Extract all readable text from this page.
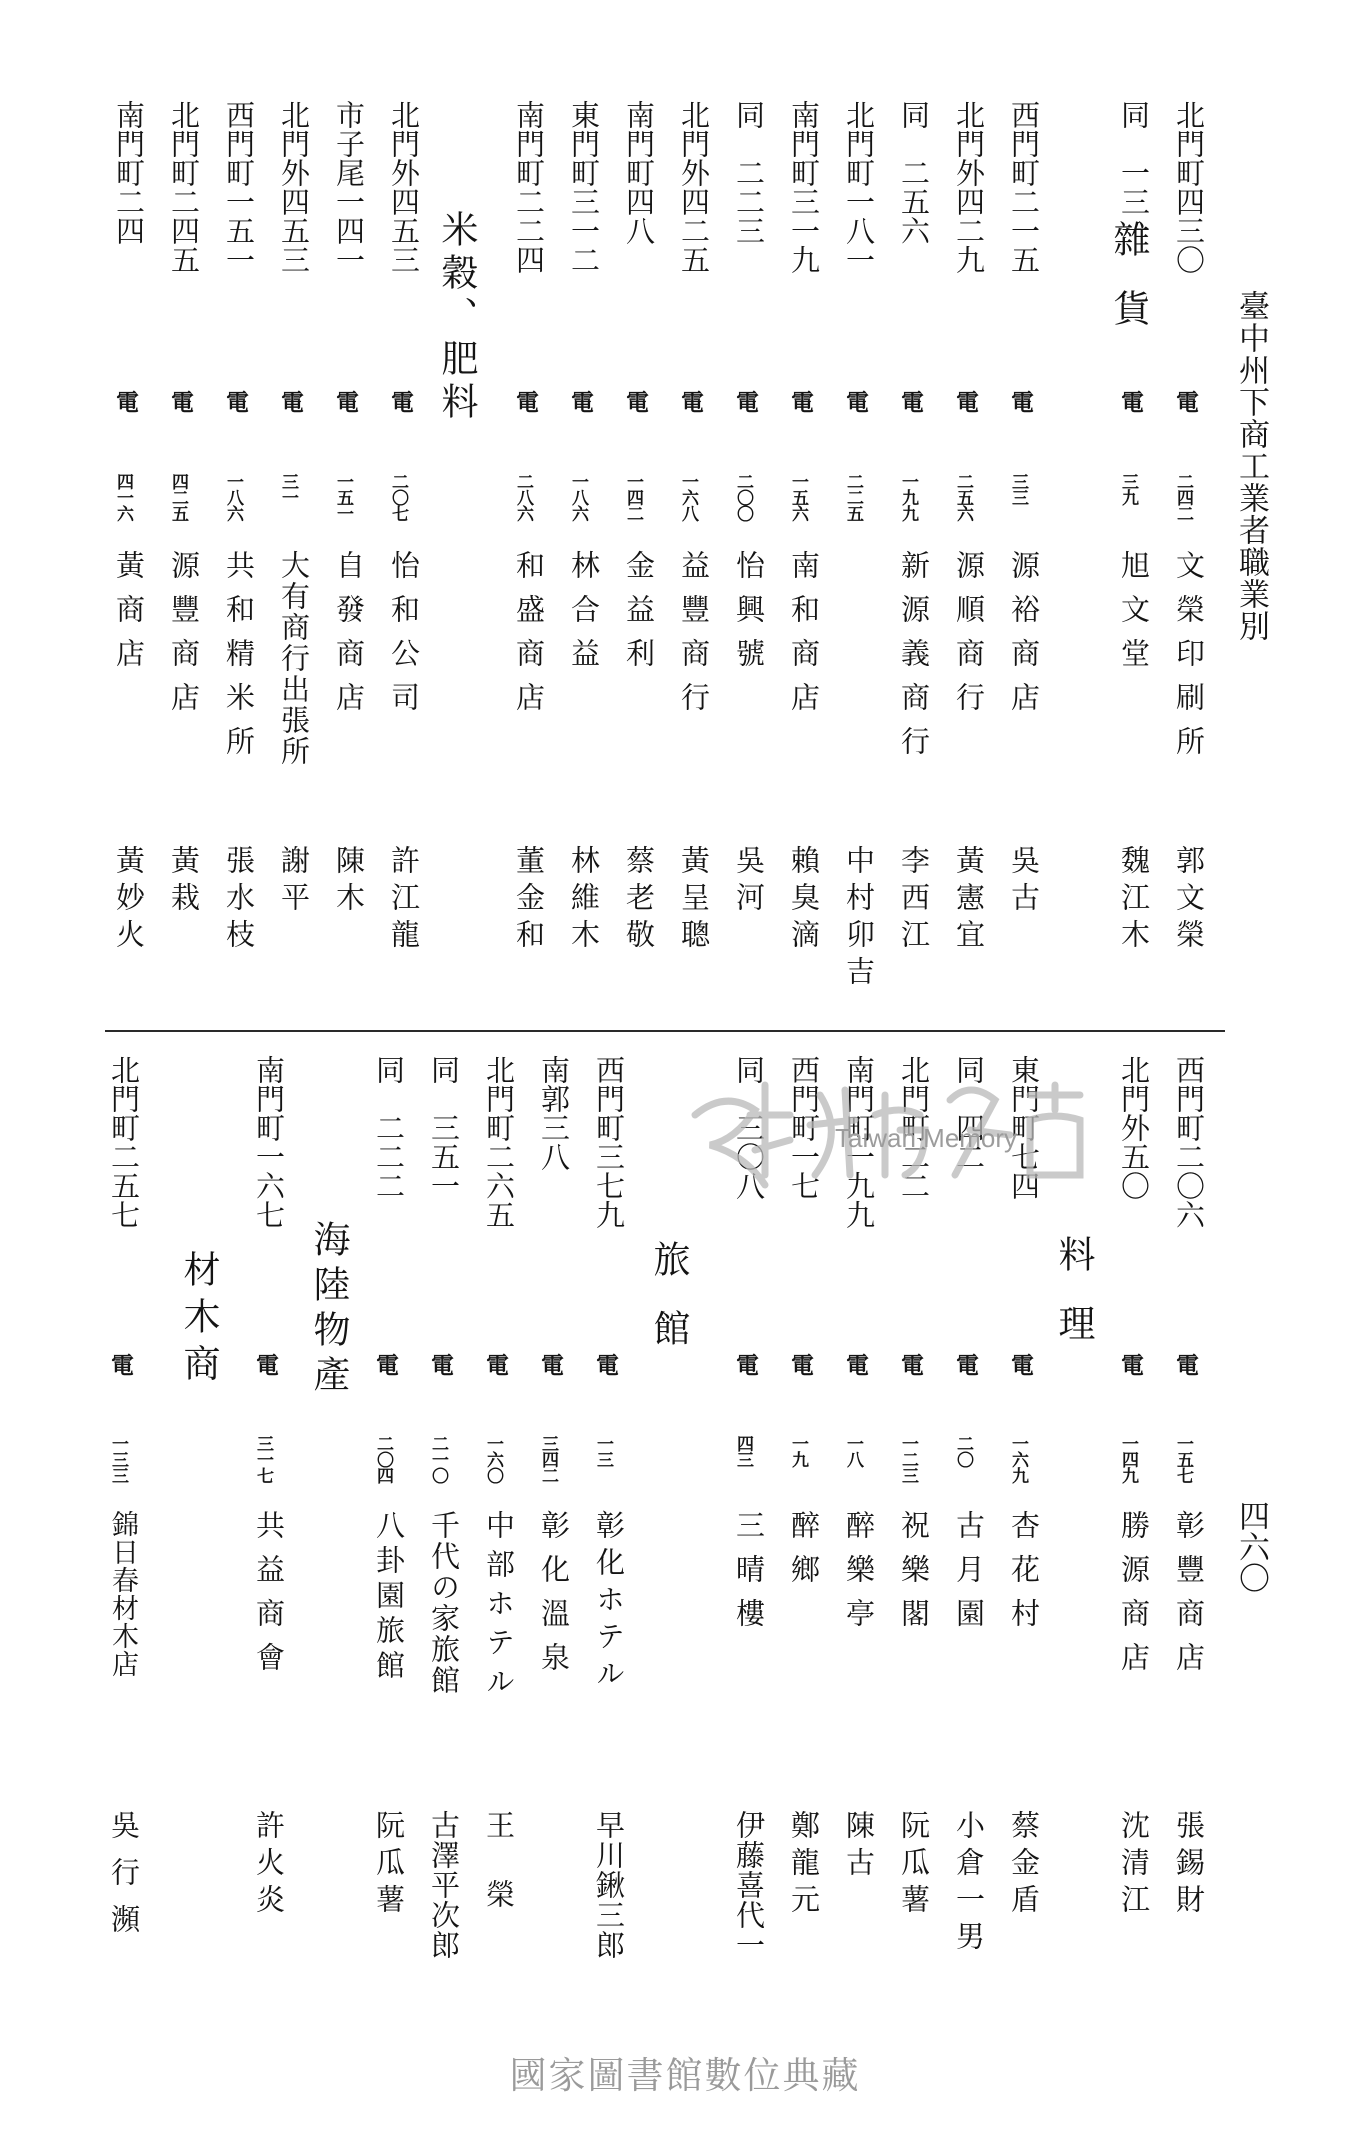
臺中州下商工業者職業別
四六〇
雜貨
米穀、肥料
北門町四三〇
電
二四二
文榮印刷所
郭文榮
同　一三一
電
三九
旭文堂
魏江木
西門町二一五
電
三三
源裕商店
吳古
北門外四二九
電
二五六
源順商行
黃憲宜
同　二五六
電
一九九
新源義商行
李西江
北門町一八一
電
二二五
中村卯吉
南門町三一九
電
一五六
南和商店
賴臭滴
同　二二三
電
二〇〇
怡興號
吳河
北門外四二五
電
一六八
益豐商行
黃呈聰
南門町四八
電
一四二
金益利
蔡老敬
東門町三一二
電
一八六
林合益
林維木
南門町二二四
電
二八六
和盛商店
董金和
北門外四五三
電
二〇七
怡和公司
許江龍
市子尾一四一
電
一五一
自發商店
陳木
北門外四五三
電
三一
大有商行出張所
謝平
西門町一五一
電
一八六
共和精米所
張水枝
北門町二四五
電
四二五
源豐商店
黃栽
南門町二四
電
四一六
黃商店
黃妙火
料理
旅館
海陸物產
材木商
西門町二〇六
電
一五七
彰豐商店
張錫財
北門外五〇
電
一四九
勝源商店
沈清江
東門町七四
電
一六九
杏花村
蔡金盾
同　四二
電
二〇
古月園
小倉一男
北門町二二
電
一二三
祝樂閣
阮瓜薯
南門町一九九
電
一八
醉樂亭
陳古
西門町一七
電
一九
醉鄉
鄭龍元
同　三〇八
電
四三
三晴樓
伊藤喜代一
西門町三七九
電
一三
彰化ホテル
早川鍬三郎
南郭三八
電
三四二
彰化溫泉
北門町二六五
電
一六〇
中部ホテル
王榮
同　三五一
電
二一〇
千代の家旅館
古澤平次郎
同　二二二
電
二〇四
八卦園旅館
阮瓜薯
南門町一六七
電
三一七
共益商會
許火炎
北門町二五七
電
一三三
錦日春材木店
吳行瀕
Taiwan Memory
國家圖書館數位典藏
